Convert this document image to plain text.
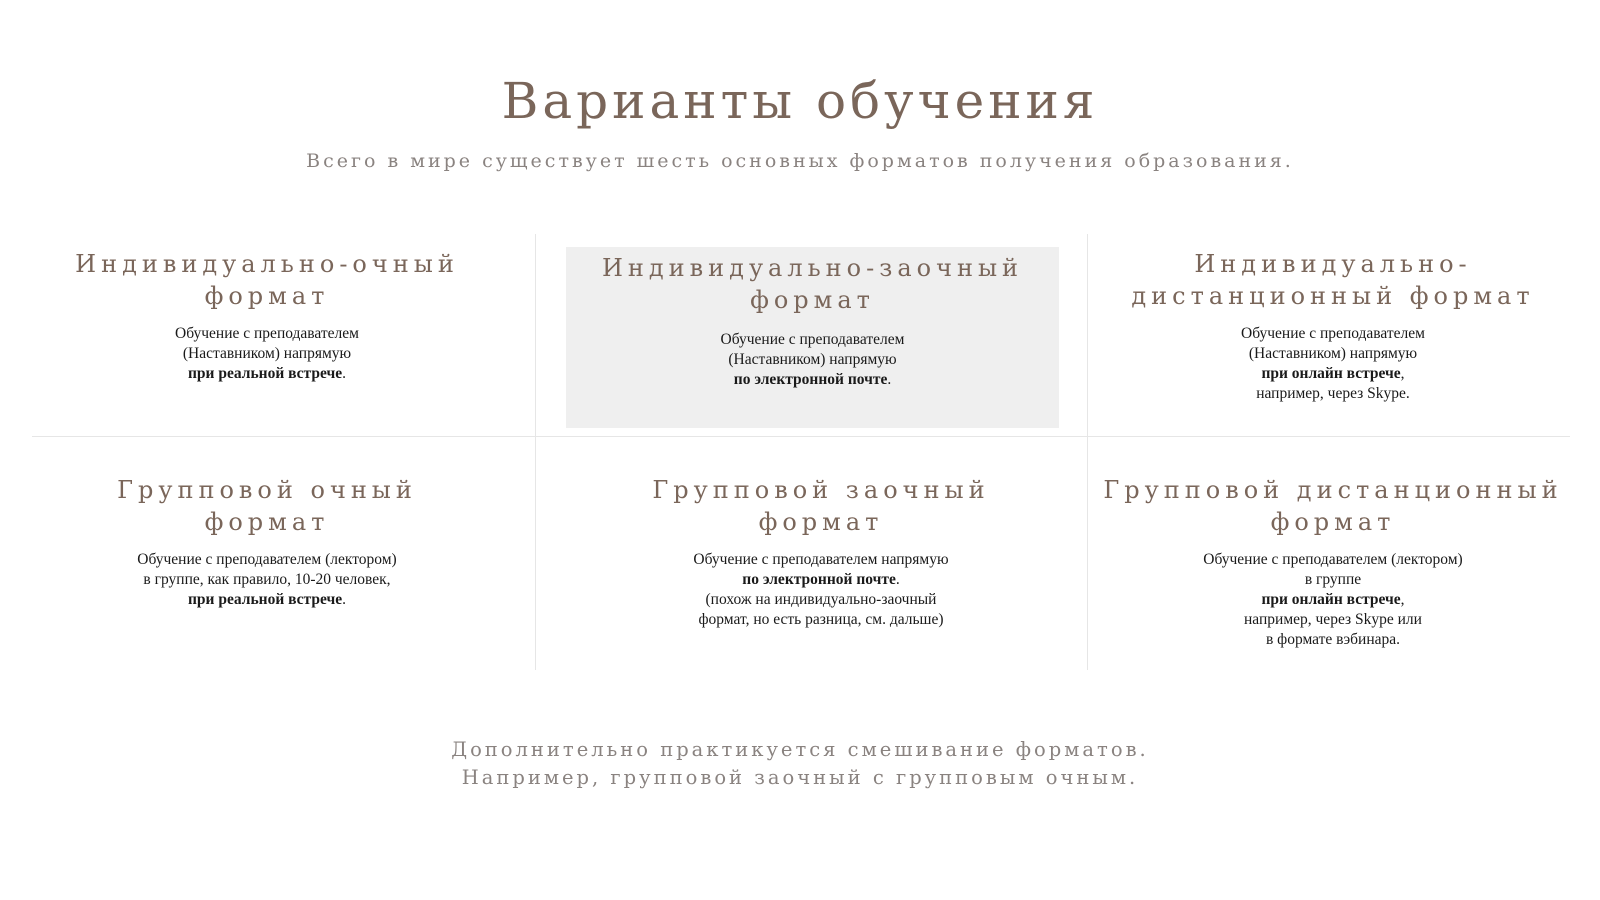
Варианты обучения
Всего в мире существует шесть основных форматов получения образования.
Индивидуально-очный
формат
Обучение с преподавателем
(Наставником) напрямую
при реальной встрече.
Индивидуально-заочный
формат
Обучение с преподавателем
(Наставником) напрямую
по электронной почте.
Индивидуально-
дистанционный формат
Обучение с преподавателем
(Наставником) напрямую
при онлайн встрече,
например, через Skype.
Групповой очный
формат
Обучение с преподавателем (лектором)
в группе, как правило, 10-20 человек,
при реальной встрече.
Групповой заочный
формат
Обучение с преподавателем напрямую
по электронной почте.
(похож на индивидуально-заочный
формат, но есть разница, см. дальше)
Групповой дистанционный
формат
Обучение с преподавателем (лектором)
в группе
при онлайн встрече,
например, через Skype или
в формате вэбинара.
Дополнительно практикуется смешивание форматов.
Например, групповой заочный с групповым очным.
